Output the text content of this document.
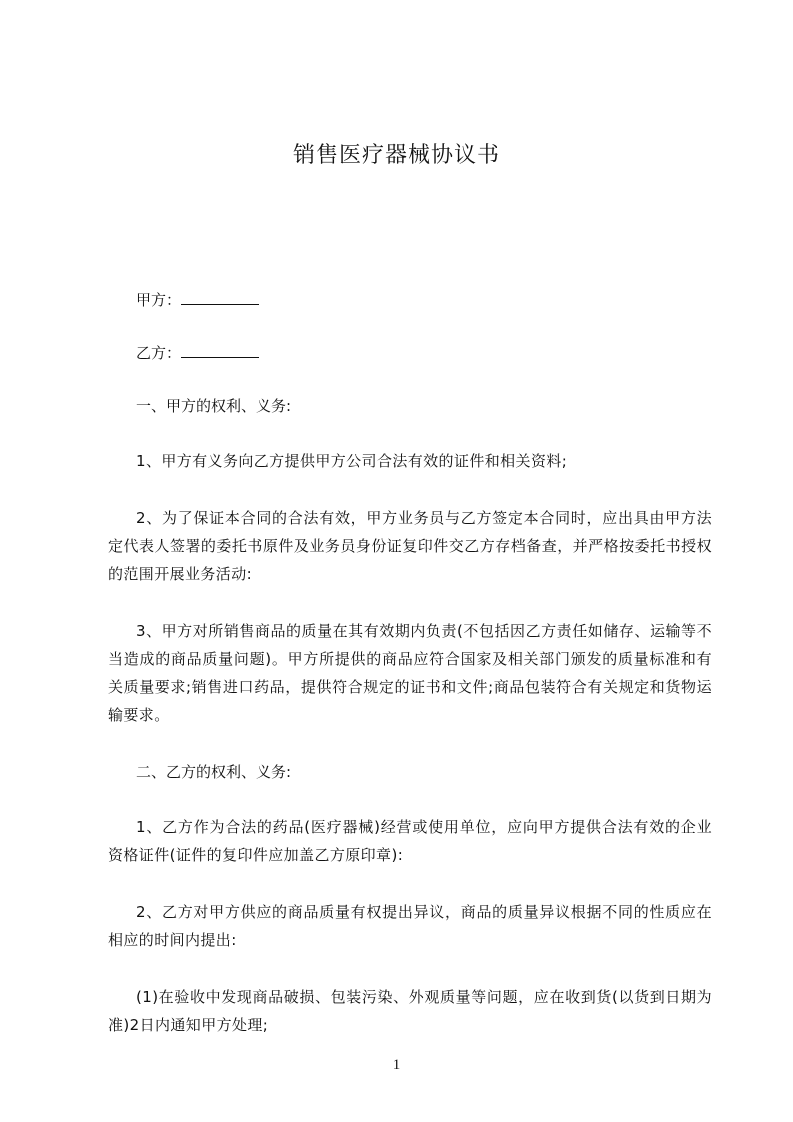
销售医疗器械协议书
甲方：
乙方：
一、甲方的权利、义务:

1、甲方有义务向乙方提供甲方公司合法有效的证件和相关资料;

2、为了保证本合同的合法有效，甲方业务员与乙方签定本合同时，应出具由甲方法定代表人签署的委托书原件及业务员身份证复印件交乙方存档备查，并严格按委托书授权的范围开展业务活动:

3、甲方对所销售商品的质量在其有效期内负责(不包括因乙方责任如储存、运输等不当造成的商品质量问题)。甲方所提供的商品应符合国家及相关部门颁发的质量标准和有关质量要求;销售进口药品，提供符合规定的证书和文件;商品包装符合有关规定和货物运输要求。

二、乙方的权利、义务:

1、乙方作为合法的药品(医疗器械)经营或使用单位，应向甲方提供合法有效的企业资格证件(证件的复印件应加盖乙方原印章):

2、乙方对甲方供应的商品质量有权提出异议，商品的质量异议根据不同的性质应在相应的时间内提出:

(1)在验收中发现商品破损、包装污染、外观质量等问题，应在收到货(以货到日期为准)2日内通知甲方处理;

1
